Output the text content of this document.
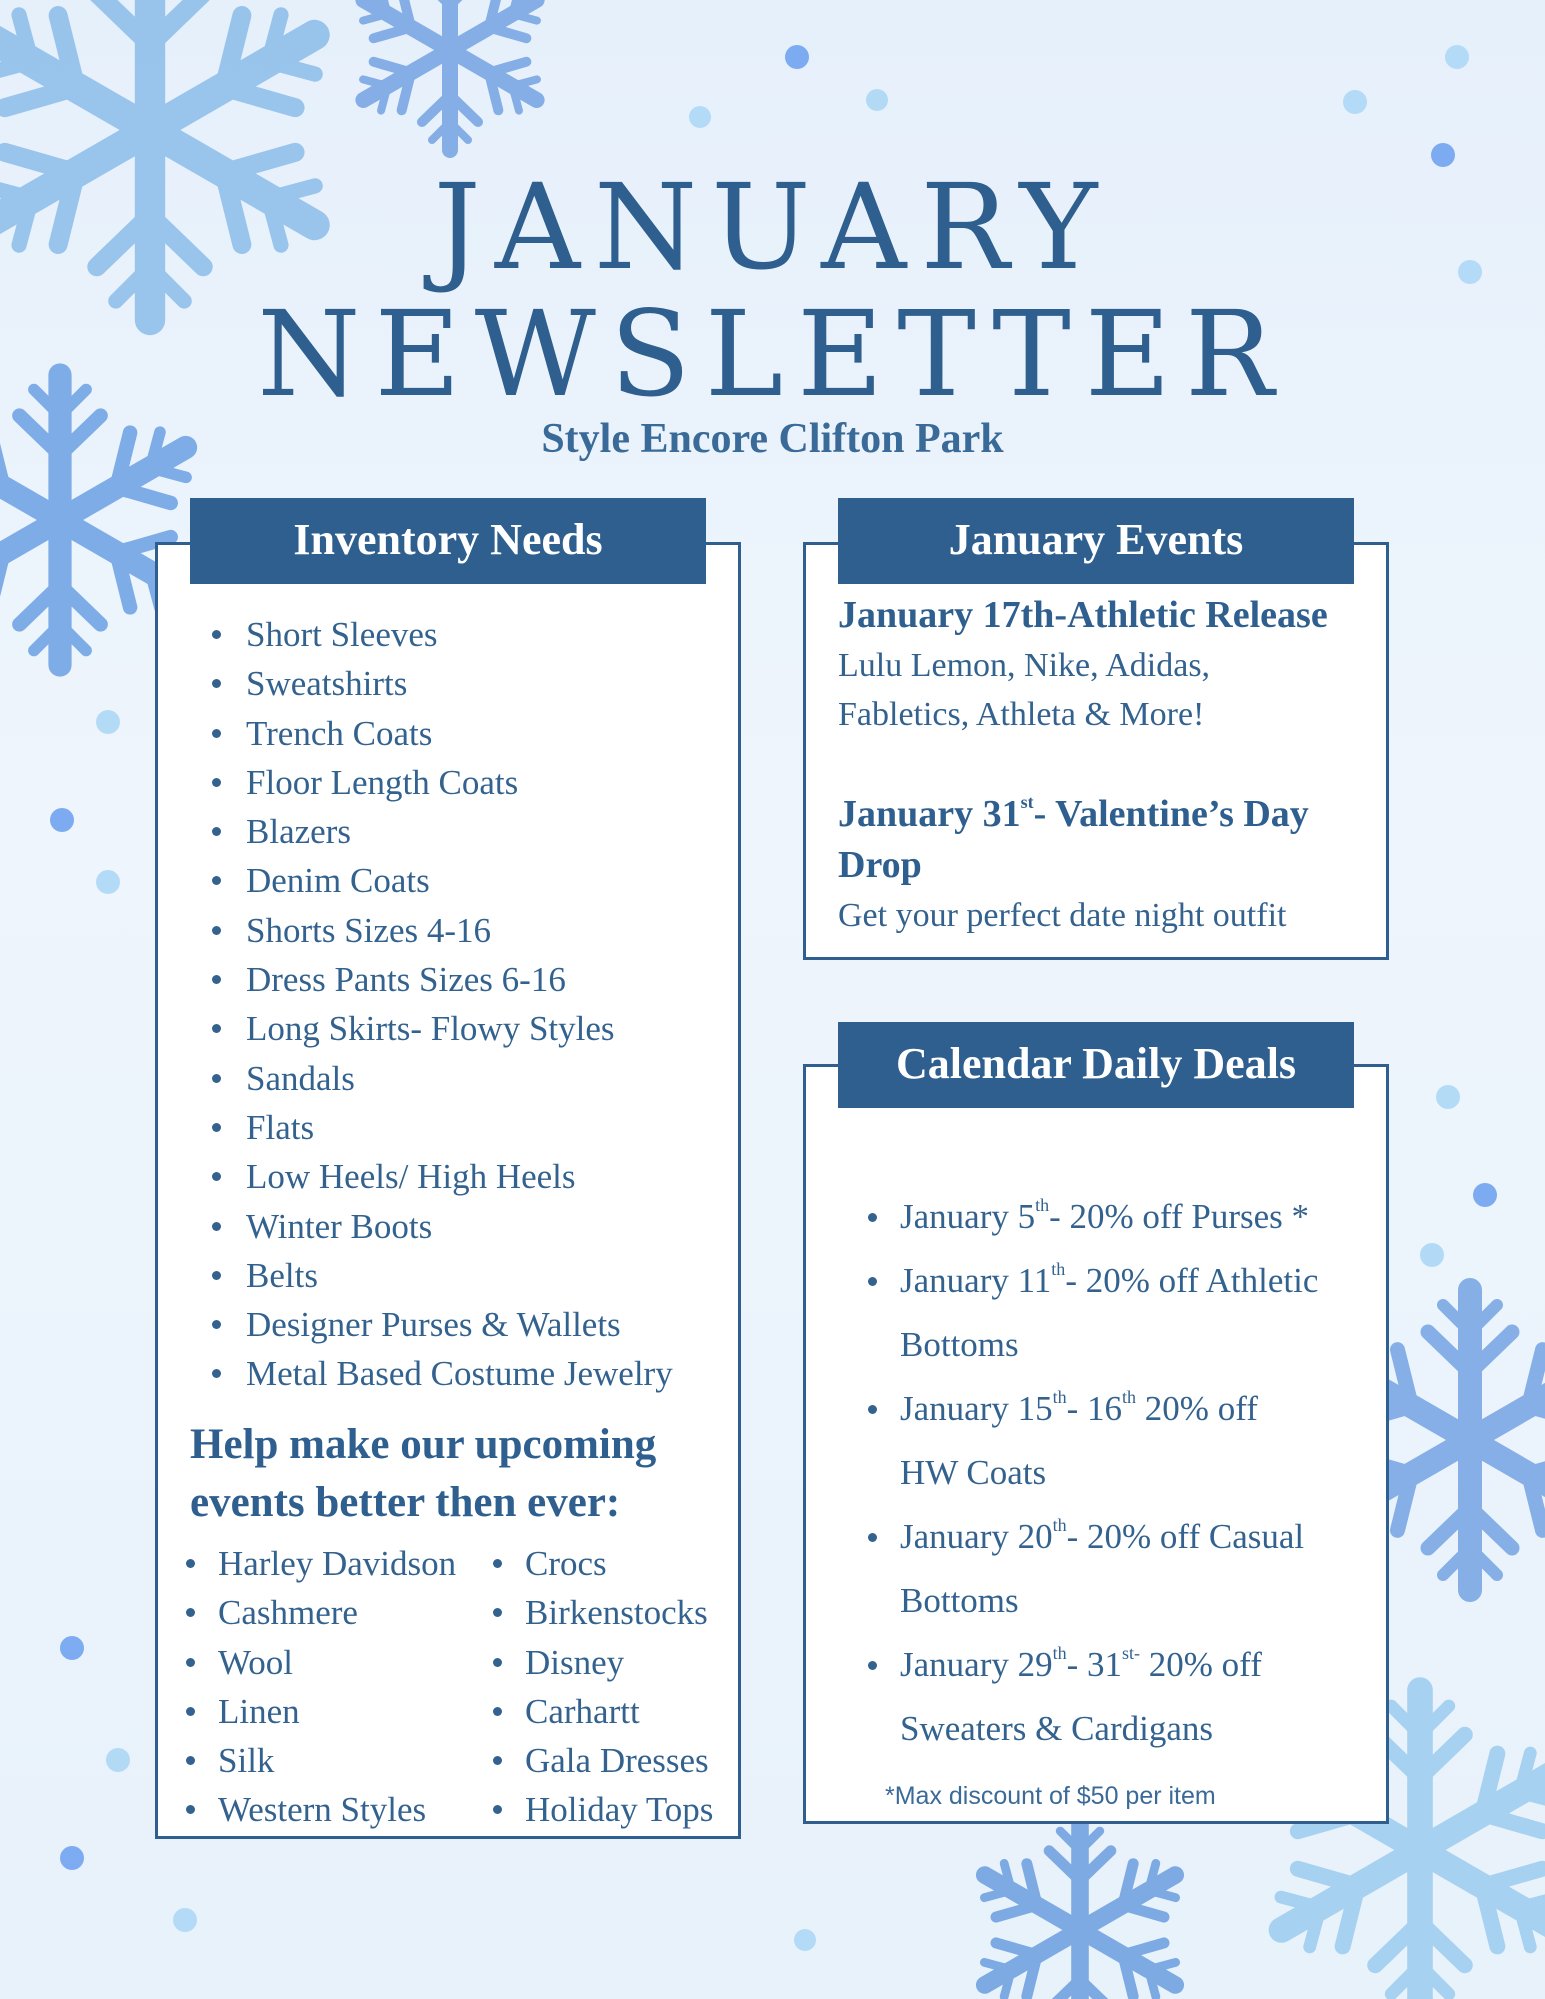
JANUARY
NEWSLETTER
Style Encore Clifton Park
Inventory Needs
Short Sleeves
Sweatshirts
Trench Coats
Floor Length Coats
Blazers
Denim Coats
Shorts Sizes 4-16
Dress Pants Sizes 6-16
Long Skirts- Flowy Styles
Sandals
Flats
Low Heels/ High Heels
Winter Boots
Belts
Designer Purses & Wallets
Metal Based Costume Jewelry
Help make our upcoming
events better then ever:
Harley Davidson
Cashmere
Wool
Linen
Silk
Western Styles
Crocs
Birkenstocks
Disney
Carhartt
Gala Dresses
Holiday Tops
January Events
January 17th-Athletic Release
Lulu Lemon, Nike, Adidas,
Fabletics, Athleta & More!
January 31st- Valentine’s Day
Drop
Get your perfect date night outfit
Calendar Daily Deals
January 5th- 20% off Purses *
January 11th- 20% off Athletic
Bottoms
January 15th- 16th 20% off
HW Coats
January 20th- 20% off Casual
Bottoms
January 29th- $31^{st-}$ 20% off
Sweaters & Cardigans
*Max discount of $50 per item
